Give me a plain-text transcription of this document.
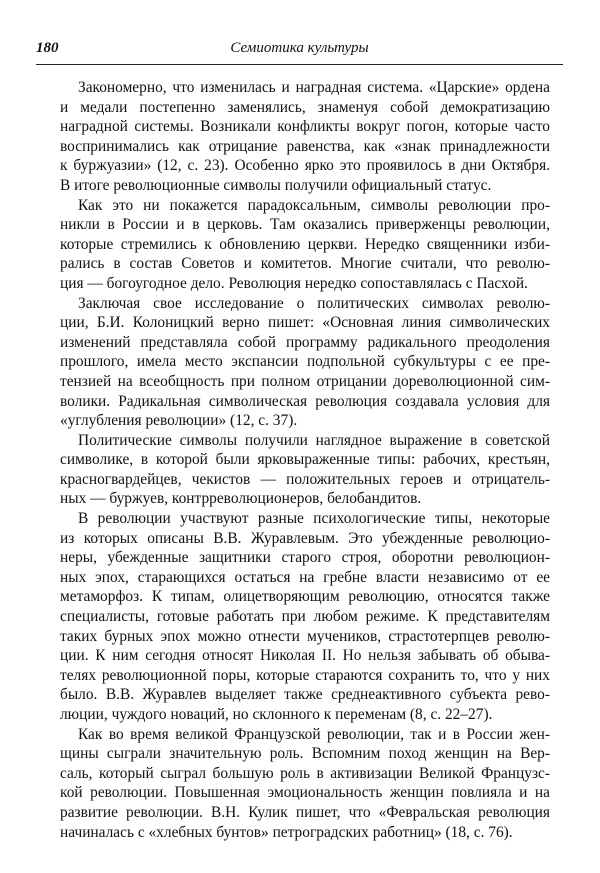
180	Семиотика культуры
Закономерно, что изменилась и наградная система. «Царские» ордена
и медали постепенно заменялись, знаменуя собой демократизацию
наградной системы. Возникали конфликты вокруг погон, которые часто
воспринимались как отрицание равенства, как «знак принадлежности
к буржуазии» (12, с. 23). Особенно ярко это проявилось в дни Октября.
В итоге революционные символы получили официальный статус.
Как это ни покажется парадоксальным, символы революции про-
никли в России и в церковь. Там оказались приверженцы революции,
которые стремились к обновлению церкви. Нередко священники изби-
рались в состав Советов и комитетов. Многие считали, что револю-
ция — богоугодное дело. Революция нередко сопоставлялась с Пасхой.
Заключая свое исследование о политических символах револю-
ции, Б.И. Колоницкий верно пишет: «Основная линия символических
изменений представляла собой программу радикального преодоления
прошлого, имела место экспансии подпольной субкультуры с ее пре-
тензией на всеобщность при полном отрицании дореволюционной сим-
волики. Радикальная символическая революция создавала условия для
«углубления революции» (12, с. 37).
Политические символы получили наглядное выражение в советской
символике, в которой были ярковыраженные типы: рабочих, крестьян,
красногвардейцев, чекистов — положительных героев и отрицатель-
ных — буржуев, контрреволюционеров, белобандитов.
В революции участвуют разные психологические типы, некоторые
из которых описаны В.В. Журавлевым. Это убежденные революцио-
неры, убежденные защитники старого строя, оборотни революцион-
ных эпох, старающихся остаться на гребне власти независимо от ее
метаморфоз. К типам, олицетворяющим революцию, относятся также
специалисты, готовые работать при любом режиме. К представителям
таких бурных эпох можно отнести мучеников, страстотерпцев револю-
ции. К ним сегодня относят Николая II. Но нельзя забывать об обыва-
телях революционной поры, которые стараются сохранить то, что у них
было. В.В. Журавлев выделяет также среднеактивного субъекта рево-
люции, чуждого новаций, но склонного к переменам (8, с. 22–27).
Как во время великой Французской революции, так и в России жен-
щины сыграли значительную роль. Вспомним поход женщин на Вер-
саль, который сыграл большую роль в активизации Великой Французс-
кой революции. Повышенная эмоциональность женщин повлияла и на
развитие революции. В.Н. Кулик пишет, что «Февральская революция
начиналась с «хлебных бунтов» петроградских работниц» (18, с. 76).
